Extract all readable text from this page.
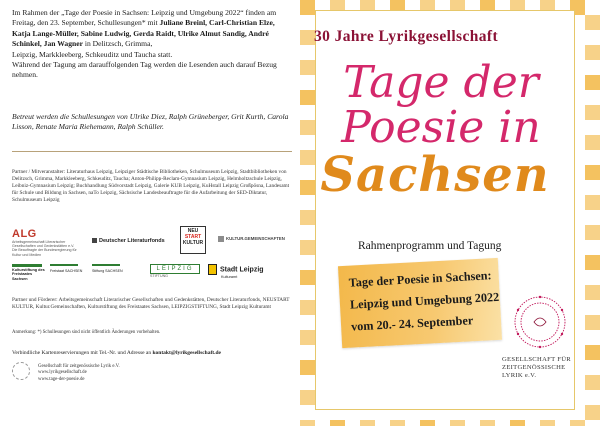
Im Rahmen der „Tage der Poesie in Sachsen: Leipzig und Umgebung 2022“ finden am Freitag, den 23. September, Schullesungen* mit Juliane Breinl, Carl-Christian Elze, Katja Lange-Müller, Sabine Ludwig, Gerda Raidt, Ulrike Almut Sandig, André Schinkel, Jan Wagner in Delitzsch, Grimma,
Leipzig, Markkleeberg, Schkeuditz und Taucha statt.
Während der Tagung am darauffolgenden Tag werden die Lesenden auch darauf Bezug nehmen.
Betreut werden die Schullesungen von Ulrike Diez, Ralph Grüneberger, Grit Kurth, Carola Lisson, Renate Maria Riehemann, Ralph Schüller.
Partner / Mitveranstalter: Literaturhaus Leipzig, Leipziger Städtische Bibliotheken, Schulmuseum Leipzig, Stadtbibliotheken von Delitzsch, Grimma, Markkleeberg, Schkeuditz, Taucha; Anton-Philipp-Reclam-Gymnasium Leipzig, Helmholtzschule Leipzig, Leibniz-Gymnasium Leipzig; Buchhandlung Südvorstadt Leipzig, Galerie KUB Leipzig, KuHstall Leipzig Großpösna, Landesamt für Schule und Bildung in Sachsen, naTo Leipzig, Sächsische Landesbeauftragte für die Aufarbeitung der SED-Diktatur, Schulmuseum Leipzig
ALG
Arbeitsgemeinschaft Literarischer Gesellschaften und Gedenkstätten e.V.
Die Beauftragte der Bundesregierung für Kultur und Medien
Deutscher Literaturfonds
NEU
START
KULTUR
KULTUR.GEMEINSCHAFTEN
Kulturstiftung des Freistaates Sachsen
Freistaat SACHSEN	Stiftung SACHSEN	LEIPZIG
STIFTUNG
Stadt Leipzig
Kulturamt
Partner und Förderer: Arbeitsgemeinschaft Literarischer Gesellschaften und Gedenkstätten, Deutscher Literaturfonds, NEUSTART KULTUR, Kultur.Gemeinschaften, Kulturstiftung des Freistaates Sachsen, LEIPZIGSTIFTUNG, Stadt Leipzig Kulturamt
Anmerkung: *) Schullesungen sind nicht öffentlich Änderungen vorbehalten.
Verbindliche Kartenreservierungen mit Tel.-Nr. und Adresse an kontakt@lyrikgesellschaft.de
Gesellschaft für zeitgenössische Lyrik e.V.
www.lyrikgesellschaft.de
www.tage-der-poesie.de
30 Jahre Lyrikgesellschaft
Tage der
Poesie in
Sachsen
Rahmenprogramm und Tagung
Tage der Poesie in Sachsen:
Leipzig und Umgebung 2022
vom 20.- 24. September
GESELLSCHAFT FÜR ZEITGENÖSSISCHE LYRIK e.V.
